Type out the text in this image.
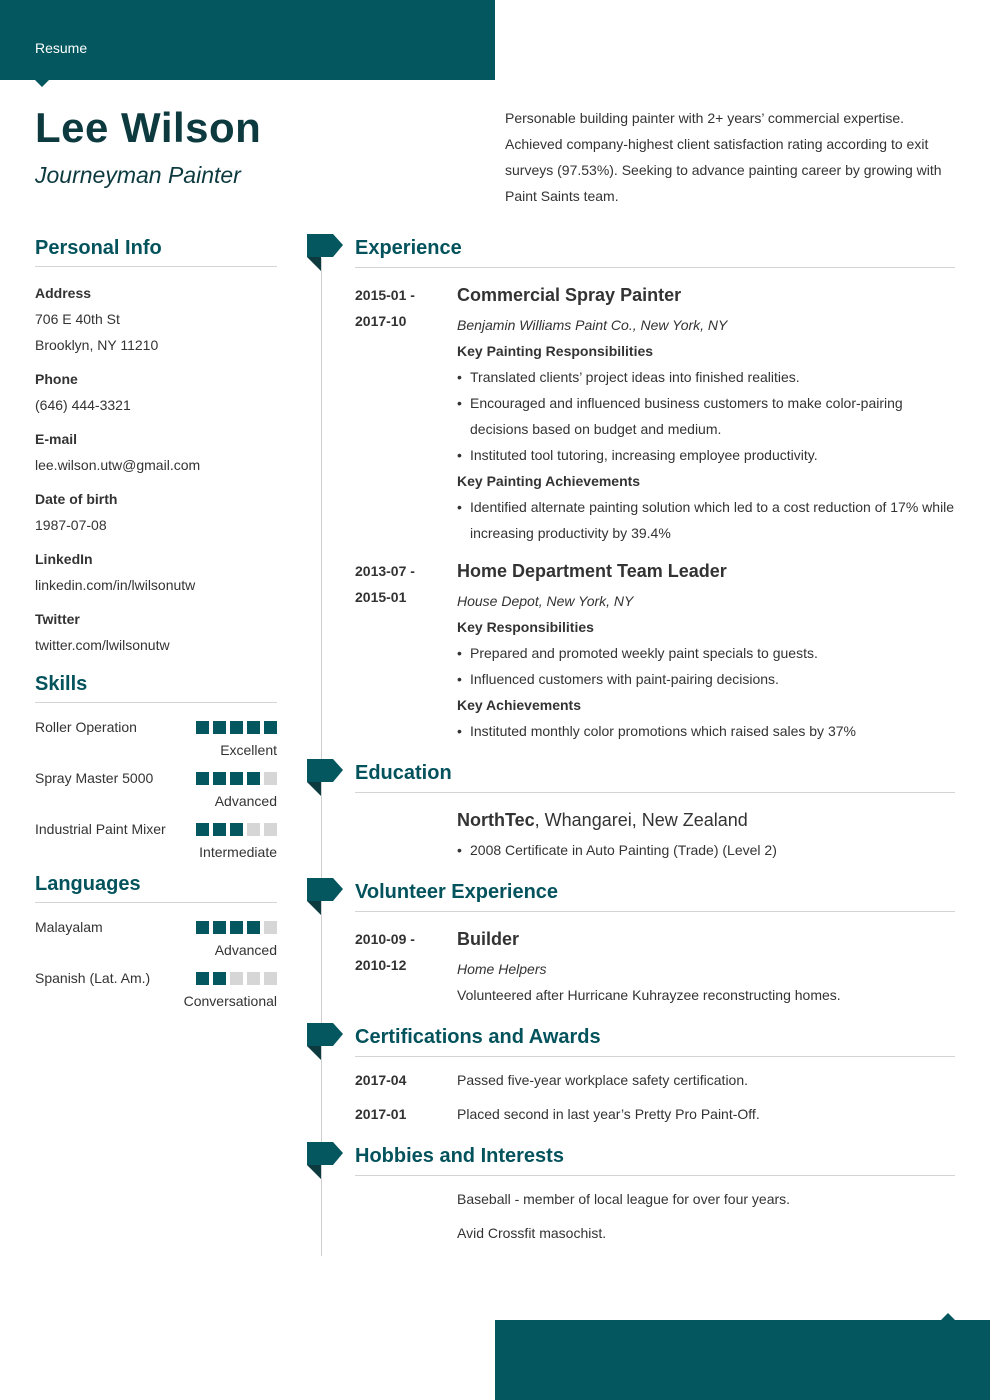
Resume
Lee Wilson
Journeyman Painter
Personable building painter with 2+ years’ commercial expertise. Achieved company-highest client satisfaction rating according to exit surveys (97.53%). Seeking to advance painting career by growing with Paint Saints team.
Personal Info
Address
706 E 40th St
Brooklyn, NY 11210
Phone
(646) 444-3321
E-mail
lee.wilson.utw@gmail.com
Date of birth
1987-07-08
LinkedIn
linkedin.com/in/lwilsonutw
Twitter
twitter.com/lwilsonutw
Skills
Roller Operation
Excellent
Spray Master 5000
Advanced
Industrial Paint Mixer
Intermediate
Languages
Malayalam
Advanced
Spanish (Lat. Am.)
Conversational
Experience
2015-01 -
2017-10
Commercial Spray Painter
Benjamin Williams Paint Co., New York, NY
Key Painting Responsibilities
• Translated clients’ project ideas into finished realities.
• Encouraged and influenced business customers to make color-pairing decisions based on budget and medium.
• Instituted tool tutoring, increasing employee productivity.
Key Painting Achievements
• Identified alternate painting solution which led to a cost reduction of 17% while increasing productivity by 39.4%
2013-07 -
2015-01
Home Department Team Leader
House Depot, New York, NY
Key Responsibilities
• Prepared and promoted weekly paint specials to guests.
• Influenced customers with paint-pairing decisions.
Key Achievements
• Instituted monthly color promotions which raised sales by 37%
Education
NorthTec, Whangarei, New Zealand
• 2008 Certificate in Auto Painting (Trade) (Level 2)
Volunteer Experience
2010-09 -
2010-12
Builder
Home Helpers
Volunteered after Hurricane Kuhrayzee reconstructing homes.
Certifications and Awards
2017-04	Passed five-year workplace safety certification.
2017-01	Placed second in last year’s Pretty Pro Paint-Off.
Hobbies and Interests
Baseball - member of local league for over four years.
Avid Crossfit masochist.
